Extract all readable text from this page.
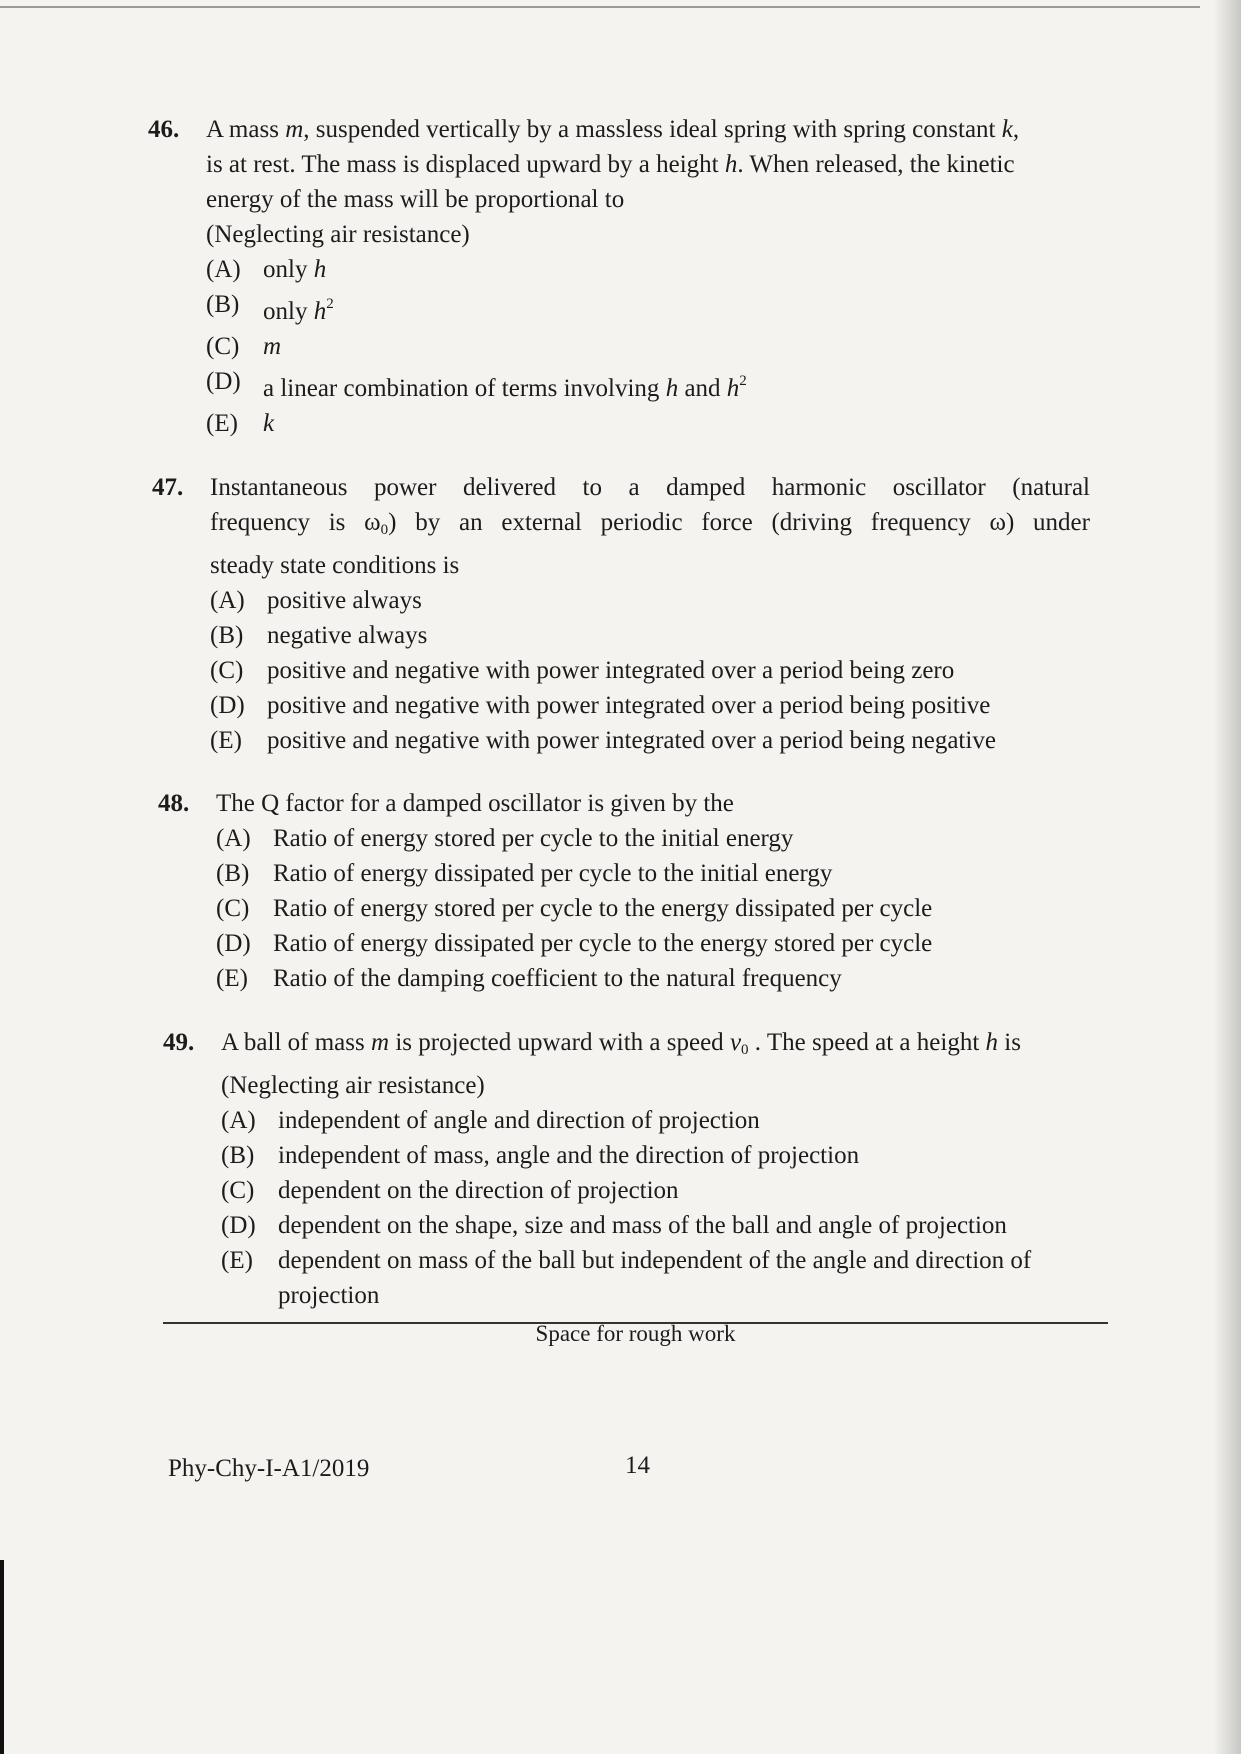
46. A mass m, suspended vertically by a massless ideal spring with spring constant k,
is at rest. The mass is displaced upward by a height h. When released, the kinetic
energy of the mass will be proportional to
(Neglecting air resistance)
(A) only h
(B) only $h^2$
(C) m
(D) a linear combination of terms involving h and $h^2$
(E)	k
47. Instantaneous power delivered to a damped harmonic oscillator (natural
frequency is $\omega_0$) by an external periodic force (driving frequency ω) under
steady state conditions is
(A) positive always
(B) negative always
(C) positive and negative with power integrated over a period being zero
(D) positive and negative with power integrated over a period being positive
(E)	positive and negative with power integrated over a period being negative
48. The Q factor for a damped oscillator is given by the
(A) Ratio of energy stored per cycle to the initial energy
(B) Ratio of energy dissipated per cycle to the initial energy
(C) Ratio of energy stored per cycle to the energy dissipated per cycle
(D) Ratio of energy dissipated per cycle to the energy stored per cycle
(E)	Ratio of the damping coefficient to the natural frequency
49. A ball of mass m is projected upward with a speed $v_0$ . The speed at a height h is
(Neglecting air resistance)
(A) independent of angle and direction of projection
(B) independent of mass, angle and the direction of projection
(C) dependent on the direction of projection
(D) dependent on the shape, size and mass of the ball and angle of projection
(E)	dependent on mass of the ball but independent of the angle and direction of
projection
Space for rough work
Phy-Chy-I-A1/2019	14
